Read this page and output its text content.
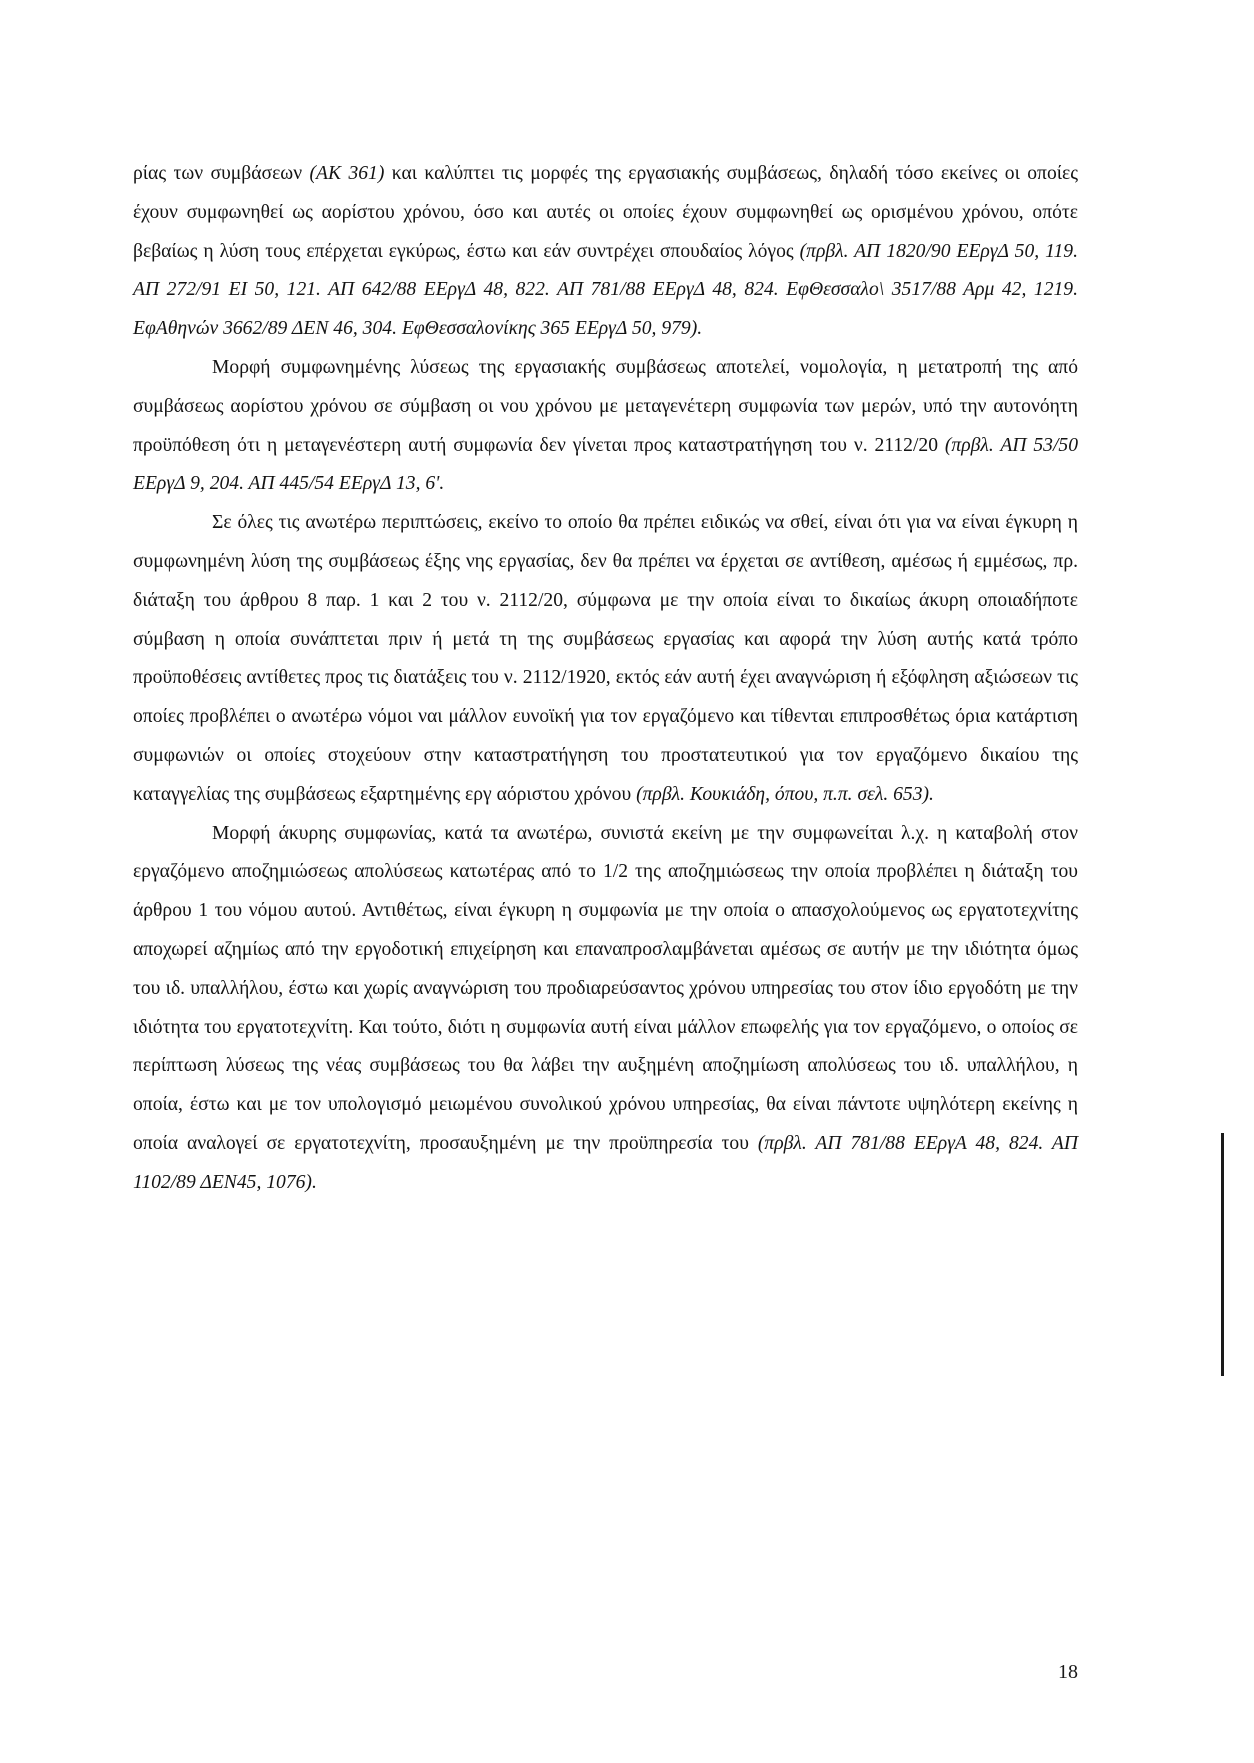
ρίας των συμβάσεων (ΑΚ 361) και καλύπτει τις μορφές της εργασιακής συμβάσεως, δηλαδή τόσο εκείνες οι οποίες έχουν συμφωνηθεί ως αορίστου χρόνου, όσο και αυτές οι οποίες έχουν συμφωνηθεί ως ορισμένου χρόνου, οπότε βεβαίως η λύση τους επέρχεται εγκύρως, έστω και εάν συντρέχει σπουδαίος λόγος (πρβλ. ΑΠ 1820/90 ΕΕργΔ 50, 119. ΑΠ 272/91 ΕΙ 50, 121. ΑΠ 642/88 ΕΕργΔ 48, 822. ΑΠ 781/88 ΕΕργΔ 48, 824. ΕφΘεσσαλο\ 3517/88 Αρμ 42, 1219. ΕφΑθηνών 3662/89 ΔΕΝ 46, 304. ΕφΘεσσαλονίκης 365 ΕΕργΔ 50, 979).

Μορφή συμφωνημένης λύσεως της εργασιακής συμβάσεως αποτελεί, νομολογία, η μετατροπή της από συμβάσεως αορίστου χρόνου σε σύμβαση οι νου χρόνου με μεταγενέτερη συμφωνία των μερών, υπό την αυτονόητη προϋπόθεση ότι η μεταγενέστερη αυτή συμφωνία δεν γίνεται προς καταστρατήγηση του ν. 2112/20 (πρβλ. ΑΠ 53/50 ΕΕργΔ 9, 204. ΑΠ 445/54 ΕΕργΔ 13, 6'.

Σε όλες τις ανωτέρω περιπτώσεις, εκείνο το οποίο θα πρέπει ειδικώς να σθεί, είναι ότι για να είναι έγκυρη η συμφωνημένη λύση της συμβάσεως έξης νης εργασίας, δεν θα πρέπει να έρχεται σε αντίθεση, αμέσως ή εμμέσως, πρ. διάταξη του άρθρου 8 παρ. 1 και 2 του ν. 2112/20, σύμφωνα με την οποία είναι το δικαίως άκυρη οποιαδήποτε σύμβαση η οποία συνάπτεται πριν ή μετά τη της συμβάσεως εργασίας και αφορά την λύση αυτής κατά τρόπο προϋποθέσεις αντίθετες προς τις διατάξεις του ν. 2112/1920, εκτός εάν αυτή έχει αναγνώριση ή εξόφληση αξιώσεων τις οποίες προβλέπει ο ανωτέρω νόμοι ναι μάλλον ευνοϊκή για τον εργαζόμενο και τίθενται επιπροσθέτως όρια κατάρτιση συμφωνιών οι οποίες στοχεύουν στην καταστρατήγηση του προστατευτικού για τον εργαζόμενο δικαίου της καταγγελίας της συμβάσεως εξαρτημένης εργ αόριστου χρόνου (πρβλ. Κουκιάδη, όπου, π.π. σελ. 653).

Μορφή άκυρης συμφωνίας, κατά τα ανωτέρω, συνιστά εκείνη με την συμφωνείται λ.χ. η καταβολή στον εργαζόμενο αποζημιώσεως απολύσεως κατωτέρας από το 1/2 της αποζημιώσεως την οποία προβλέπει η διάταξη του άρθρου 1 του νόμου αυτού. Αντιθέτως, είναι έγκυρη η συμφωνία με την οποία ο απασχολούμενος ως εργατοτεχνίτης αποχωρεί αζημίως από την εργοδοτική επιχείρηση και επαναπροσλαμβάνεται αμέσως σε αυτήν με την ιδιότητα όμως του ιδ. υπαλλήλου, έστω και χωρίς αναγνώριση του προδιαρεύσαντος χρόνου υπηρεσίας του στον ίδιο εργοδότη με την ιδιότητα του εργατοτεχνίτη. Και τούτο, διότι η συμφωνία αυτή είναι μάλλον επωφελής για τον εργαζόμενο, ο οποίος σε περίπτωση λύσεως της νέας συμβάσεως του θα λάβει την αυξημένη αποζημίωση απολύσεως του ιδ. υπαλλήλου, η οποία, έστω και με τον υπολογισμό μειωμένου συνολικού χρόνου υπηρεσίας, θα είναι πάντοτε υψηλότερη εκείνης η οποία αναλογεί σε εργατοτεχνίτη, προσαυξημένη με την προϋπηρεσία του (πρβλ. ΑΠ 781/88 ΕΕργΑ 48, 824. ΑΠ 1102/89 ΔΕΝ45, 1076).

18
